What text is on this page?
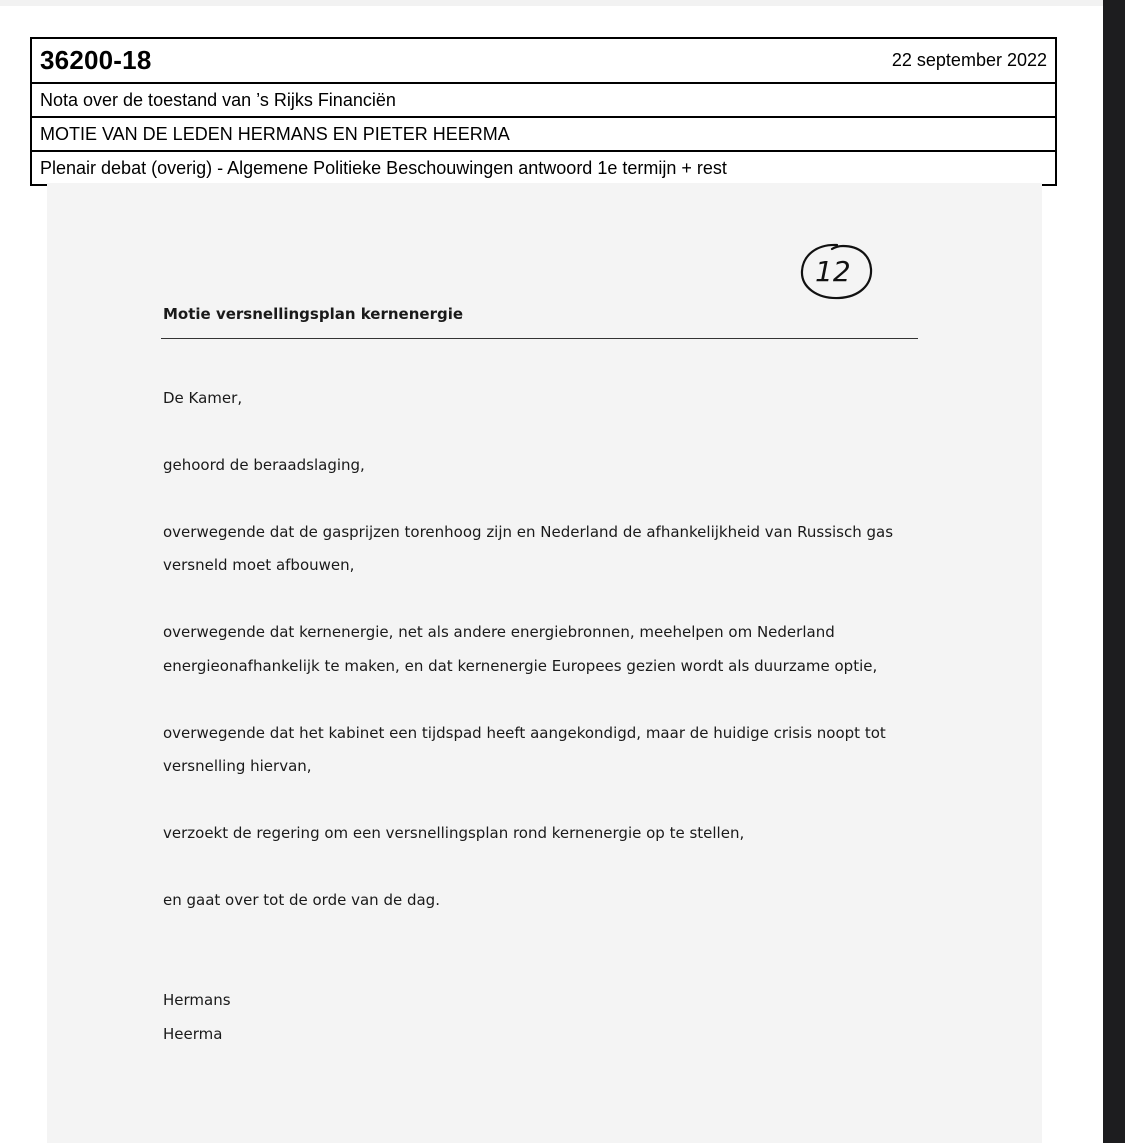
36200-18	22 september 2022
Nota over de toestand van ’s Rijks Financiën
MOTIE VAN DE LEDEN HERMANS EN PIETER HEERMA
Plenair debat (overig) - Algemene Politieke Beschouwingen antwoord 1e termijn + rest
12
Motie versnellingsplan kernenergie
De Kamer,
gehoord de beraadslaging,
overwegende dat de gasprijzen torenhoog zijn en Nederland de afhankelijkheid van Russisch gas
versneld moet afbouwen,
overwegende dat kernenergie, net als andere energiebronnen, meehelpen om Nederland
energieonafhankelijk te maken, en dat kernenergie Europees gezien wordt als duurzame optie,
overwegende dat het kabinet een tijdspad heeft aangekondigd, maar de huidige crisis noopt tot
versnelling hiervan,
verzoekt de regering om een versnellingsplan rond kernenergie op te stellen,
en gaat over tot de orde van de dag.
Hermans
Heerma
